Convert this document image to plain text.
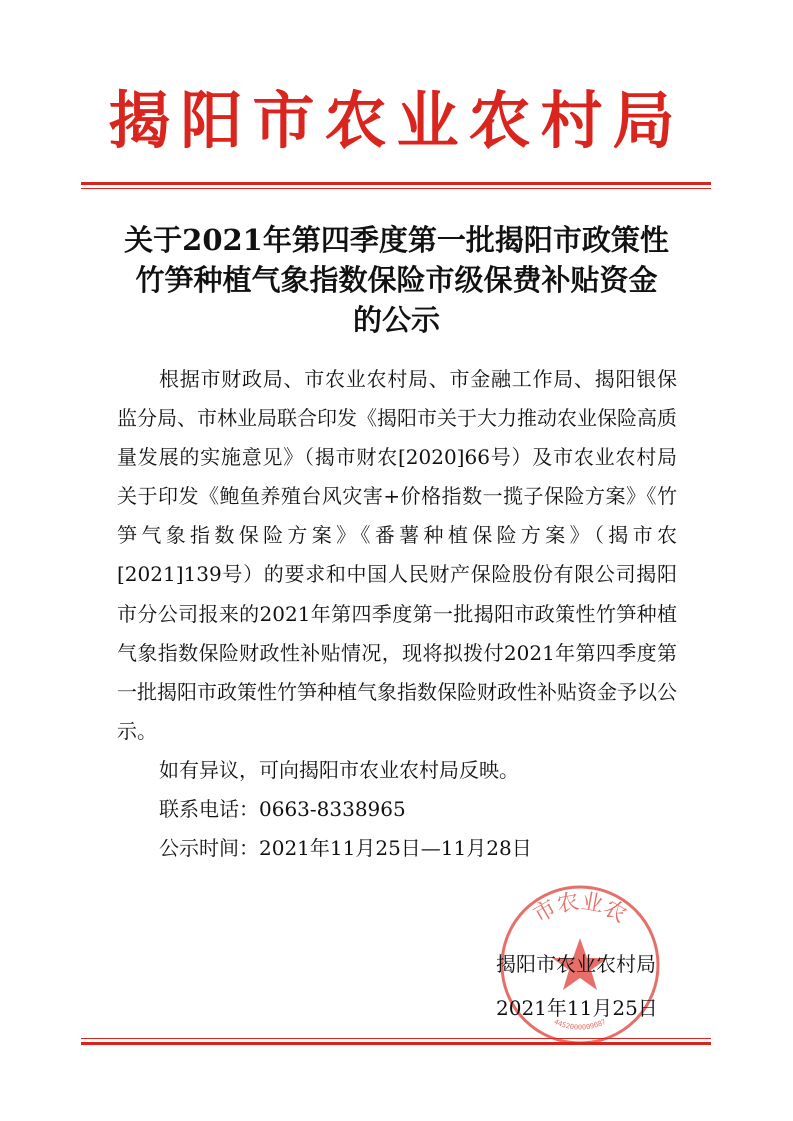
揭阳市农业农村局
关于2021年第四季度第一批揭阳市政策性
竹笋种植气象指数保险市级保费补贴资金
的公示

根据市财政局、市农业农村局、市金融工作局、揭阳银保监分局、市林业局联合印发《揭阳市关于大力推动农业保险高质量发展的实施意见》（揭市财农[2020]66号）及市农业农村局关于印发《鲍鱼养殖台风灾害+价格指数一揽子保险方案》《竹笋气象指数保险方案》《番薯种植保险方案》（揭市农[2021]139号）的要求和中国人民财产保险股份有限公司揭阳市分公司报来的2021年第四季度第一批揭阳市政策性竹笋种植气象指数保险财政性补贴情况，现将拟拨付2021年第四季度第一批揭阳市政策性竹笋种植气象指数保险财政性补贴资金予以公示。

如有异议，可向揭阳市农业农村局反映。

联系电话：0663-8338965

公示时间：2021年11月25日—11月28日

市农业农
4452000009087
揭阳市农业农村局
2021年11月25日
